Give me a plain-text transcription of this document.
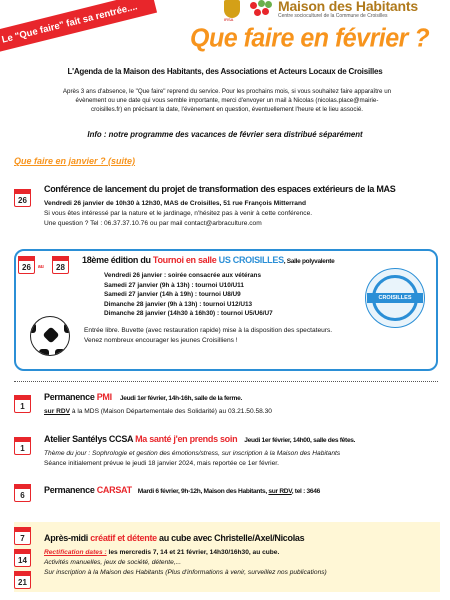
Le "Que faire" fait sa rentrée....	IRSA
Maison des Habitants
Centre socioculturel de la Commune de Croisilles
Que faire en février ?
L'Agenda de la Maison des Habitants, des Associations et Acteurs Locaux de Croisilles
Après 3 ans d'absence, le "Que faire" reprend du service. Pour les prochains mois, si vous souhaitez faire apparaître un
évènement ou une date qui vous semble importante, merci d'envoyer un mail à Nicolas (nicolas.place@mairie-
croisilles.fr) en précisant la date, l'évènement en question, éventuellement l'heure et le lieu associé.
Info : notre programme des vacances de février sera distribué séparément
Que faire en janvier ? (suite)
26
Conférence de lancement du projet de transformation des espaces extérieurs de la MAS
Vendredi 26 janvier de 10h30 à 12h30, MAS de Croisilles, 51 rue François Mitterrand
Si vous êtes intéressé par la nature et le jardinage, n'hésitez pas à venir à cette conférence.
Une question ? Tel : 06.37.37.10.76 ou par mail contact@arbraculture.com
26	au	28
18ème édition du Tournoi en salle US CROISILLES, Salle polyvalente
Vendredi 26 janvier : soirée consacrée aux vétérans
Samedi 27 janvier (9h à 13h) : tournoi U10/U11
Samedi 27 janvier (14h à 19h) : tournoi U8/U9
Dimanche 28 janvier (9h à 13h) : tournoi U12/U13
Dimanche 28 janvier (14h30 à 16h30) : tournoi U5/U6/U7
CROISILLES
Entrée libre. Buvette (avec restauration rapide) mise à la disposition des spectateurs.
Venez nombreux encourager les jeunes Croisilliens !
1
Permanence PMI Jeudi 1er février, 14h-16h, salle de la ferme.
sur RDV à la MDS (Maison Départementale des Solidarité) au 03.21.50.58.30
1
Atelier Santélys CCSA Ma santé j'en prends soin Jeudi 1er février, 14h00, salle des fêtes.
Thème du jour : Sophrologie et gestion des émotions/stress, sur inscription à la Maison des Habitants
Séance initialement prévue le jeudi 18 janvier 2024, mais reportée ce 1er février.
6
Permanence CARSAT Mardi 6 février, 9h-12h, Maison des Habitants, sur RDV, tel : 3646
7
14
21
Après-midi créatif et détente au cube avec Christelle/Axel/Nicolas
Rectification dates : les mercredis 7, 14 et 21 février, 14h30/16h30, au cube.
Activités manuelles, jeux de société, détente,...
Sur inscription à la Maison des Habitants (Plus d'informations à venir, surveillez nos publications)
